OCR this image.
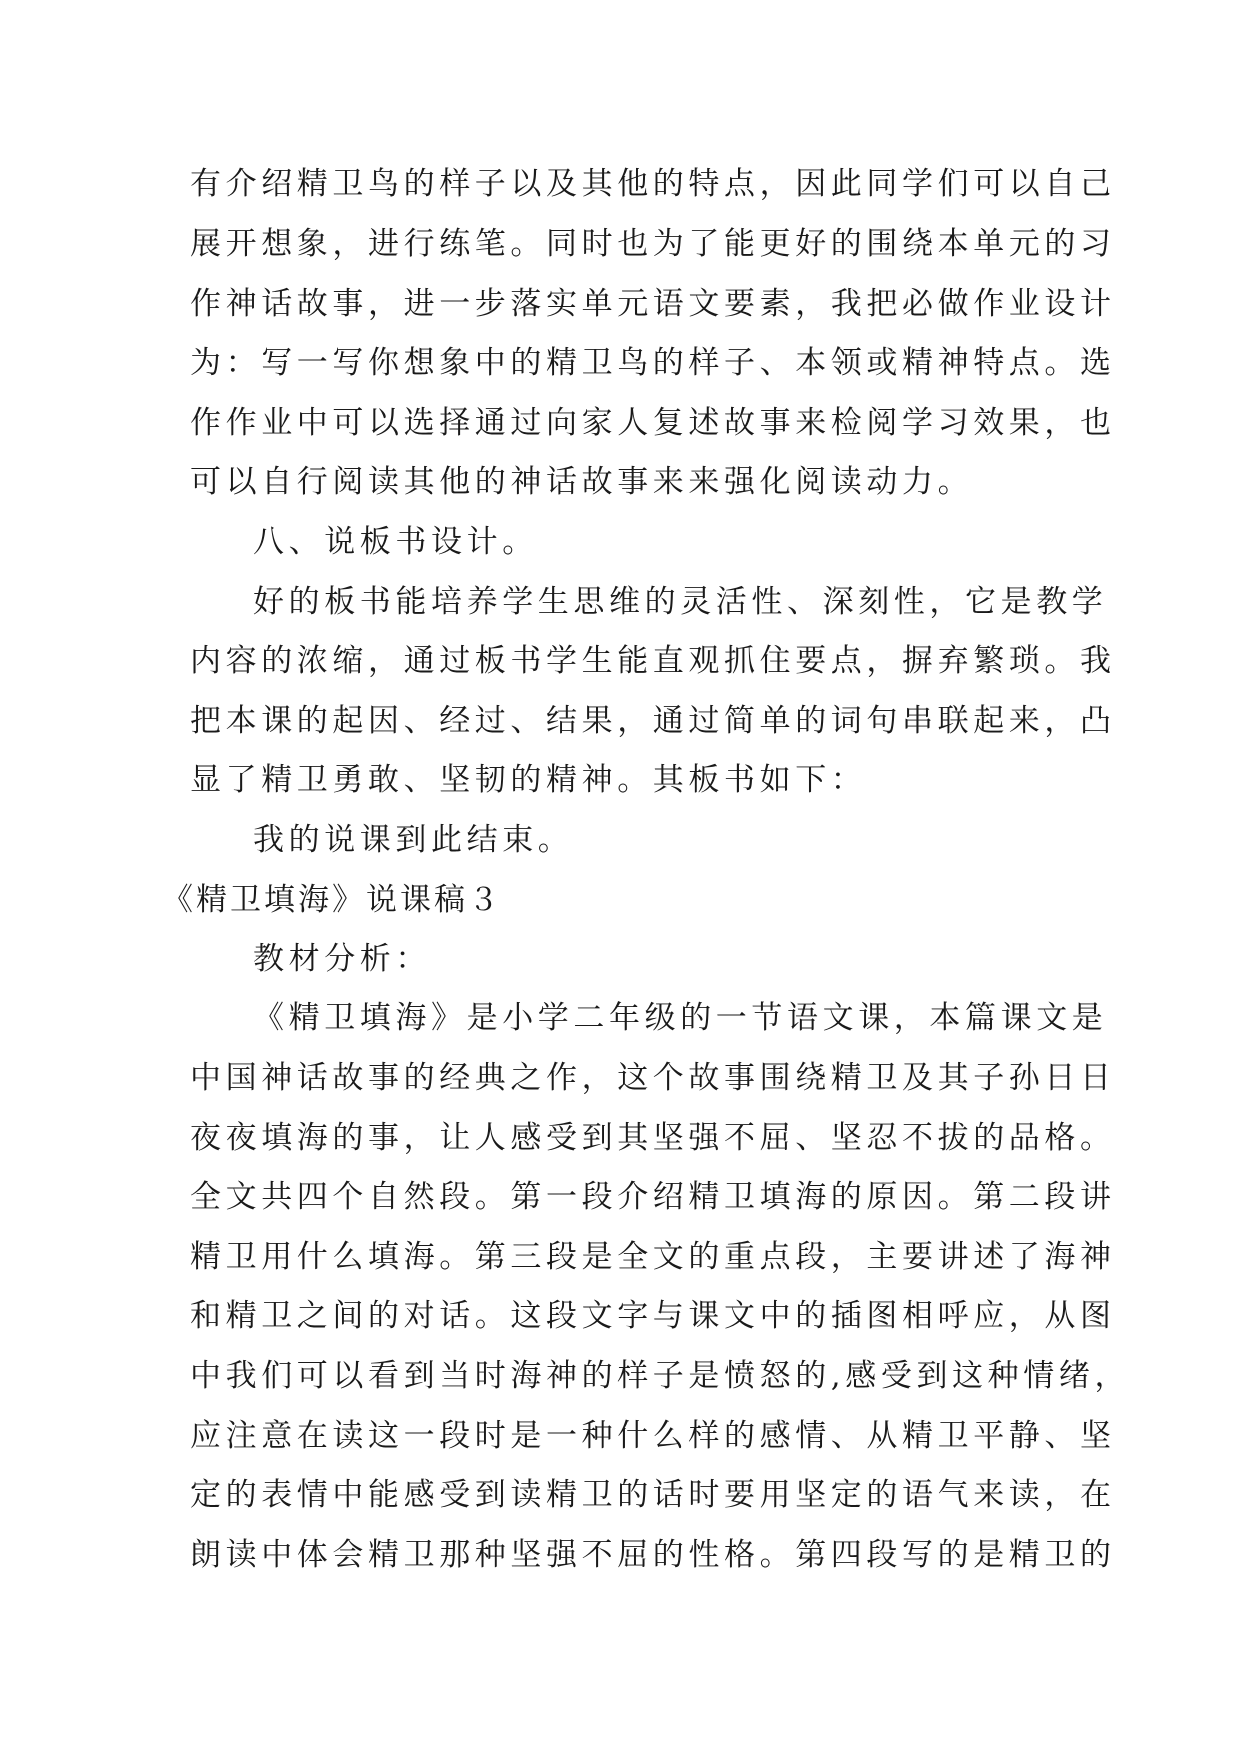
有介绍精卫鸟的样子以及其他的特点，因此同学们可以自己
展开想象，进行练笔。同时也为了能更好的围绕本单元的习
作神话故事，进一步落实单元语文要素，我把必做作业设计
为：写一写你想象中的精卫鸟的样子、本领或精神特点。选
作作业中可以选择通过向家人复述故事来检阅学习效果，也
可以自行阅读其他的神话故事来来强化阅读动力。
八、说板书设计。
好的板书能培养学生思维的灵活性、深刻性，它是教学
内容的浓缩，通过板书学生能直观抓住要点，摒弃繁琐。我
把本课的起因、经过、结果，通过简单的词句串联起来，凸
显了精卫勇敢、坚韧的精神。其板书如下：
我的说课到此结束。
《精卫填海》说课稿３
教材分析：
《精卫填海》是小学二年级的一节语文课，本篇课文是
中国神话故事的经典之作，这个故事围绕精卫及其子孙日日
夜夜填海的事，让人感受到其坚强不屈、坚忍不拔的品格。
全文共四个自然段。第一段介绍精卫填海的原因。第二段讲
精卫用什么填海。第三段是全文的重点段，主要讲述了海神
和精卫之间的对话。这段文字与课文中的插图相呼应，从图
中我们可以看到当时海神的样子是愤怒的,感受到这种情绪，
应注意在读这一段时是一种什么样的感情、从精卫平静、坚
定的表情中能感受到读精卫的话时要用坚定的语气来读，在
朗读中体会精卫那种坚强不屈的性格。第四段写的是精卫的
